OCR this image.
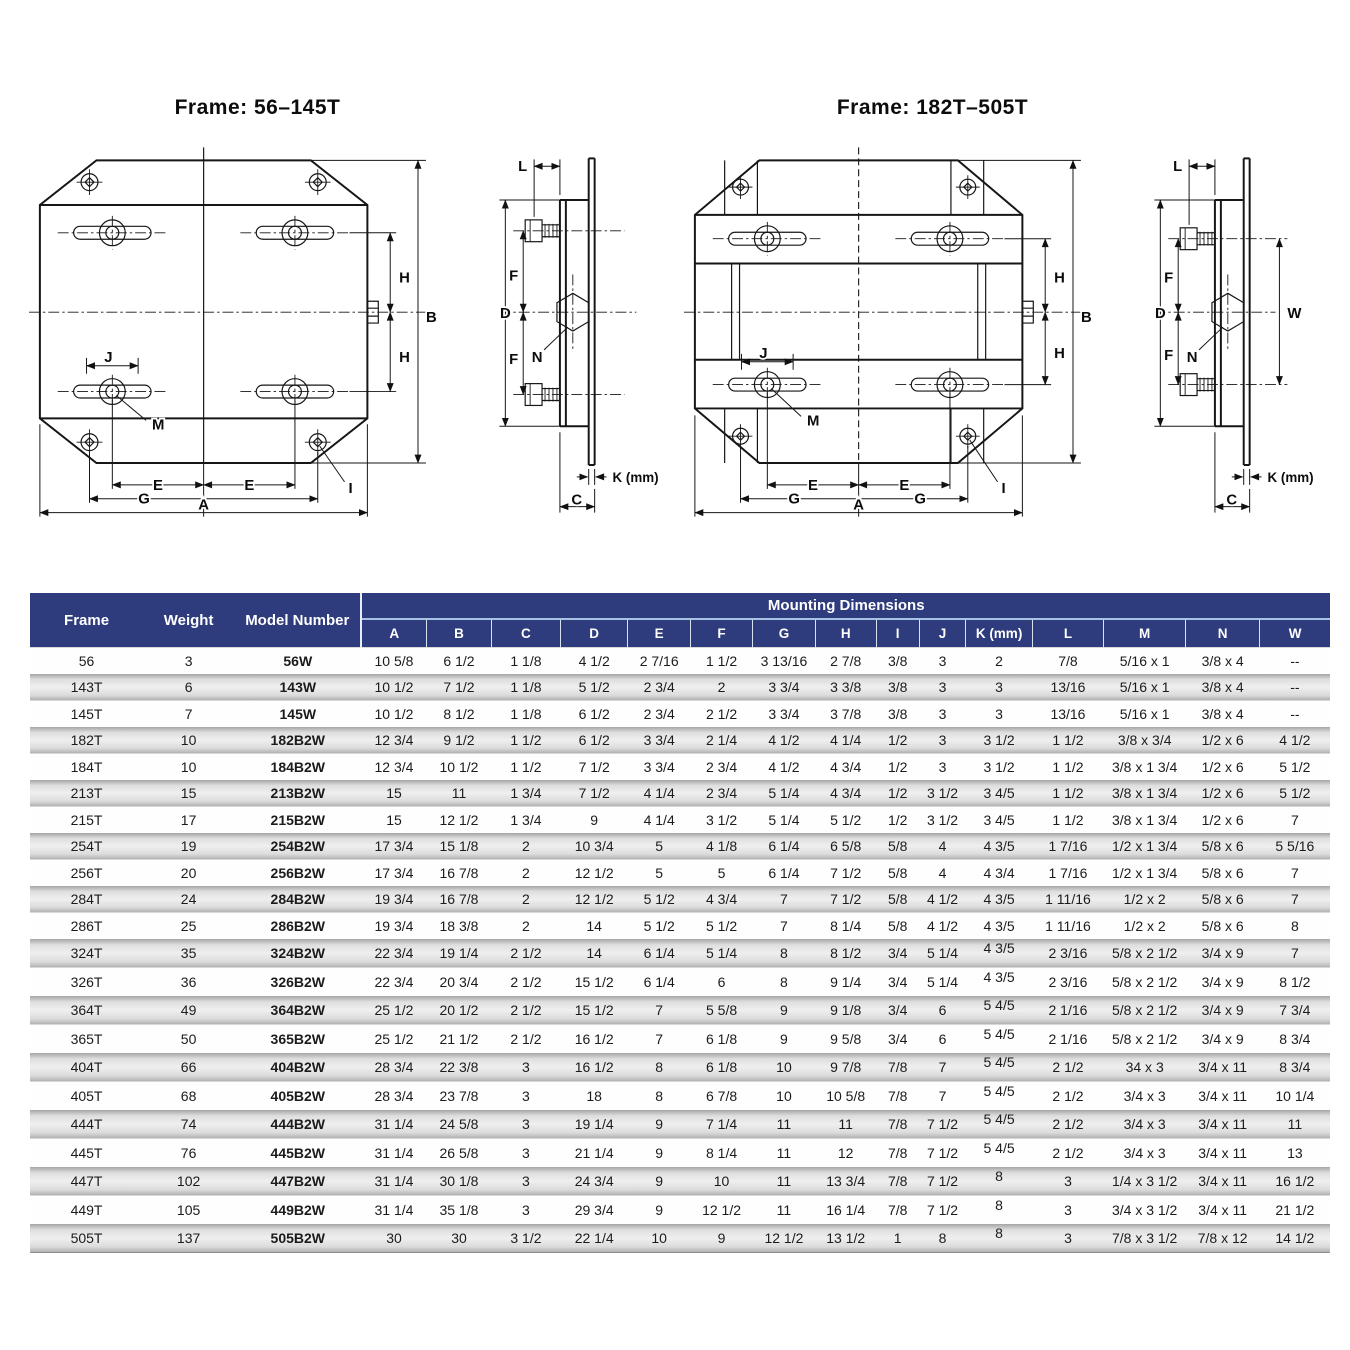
Frame: 56–145T
H
H
B
J
M
E	E
G	A
I
L
D
F
F N
K (mm)
C
Frame: 182T–505T
H
H
B
J
M
E	E
G	G
A
I
L
D
F
F N
W
K (mm)
C
Frame	Weight	Model Number	Mounting Dimensions														
			A	B	C	D	E	F	G	H	I	J	K (mm)	L	M	N	W
56	3	56W	10 5/8	6 1/2	1 1/8	4 1/2	2 7/16	1 1/2	3 13/16	2 7/8	3/8	3	2	7/8	5/16 x 1	3/8 x 4	--
143T	6	143W	10 1/2	7 1/2	1 1/8	5 1/2	2 3/4	2	3 3/4	3 3/8	3/8	3	3	13/16	5/16 x 1	3/8 x 4	--
145T	7	145W	10 1/2	8 1/2	1 1/8	6 1/2	2 3/4	2 1/2	3 3/4	3 7/8	3/8	3	3	13/16	5/16 x 1	3/8 x 4	--
182T	10	182B2W	12 3/4	9 1/2	1 1/2	6 1/2	3 3/4	2 1/4	4 1/2	4 1/4	1/2	3	3 1/2	1 1/2	3/8 x 3/4	1/2 x 6	4 1/2
184T	10	184B2W	12 3/4	10 1/2	1 1/2	7 1/2	3 3/4	2 3/4	4 1/2	4 3/4	1/2	3	3 1/2	1 1/2	3/8 x 1 3/4	1/2 x 6	5 1/2
213T	15	213B2W	15	11	1 3/4	7 1/2	4 1/4	2 3/4	5 1/4	4 3/4	1/2	3 1/2	3 4/5	1 1/2	3/8 x 1 3/4	1/2 x 6	5 1/2
215T	17	215B2W	15	12 1/2	1 3/4	9	4 1/4	3 1/2	5 1/4	5 1/2	1/2	3 1/2	3 4/5	1 1/2	3/8 x 1 3/4	1/2 x 6	7
254T	19	254B2W	17 3/4	15 1/8	2	10 3/4	5	4 1/8	6 1/4	6 5/8	5/8	4	4 3/5	1 7/16	1/2 x 1 3/4	5/8 x 6	5 5/16
256T	20	256B2W	17 3/4	16 7/8	2	12 1/2	5	5	6 1/4	7 1/2	5/8	4	4 3/4	1 7/16	1/2 x 1 3/4	5/8 x 6	7
284T	24	284B2W	19 3/4	16 7/8	2	12 1/2	5 1/2	4 3/4	7	7 1/2	5/8	4 1/2	4 3/5	1 11/16	1/2 x 2	5/8 x 6	7
286T	25	286B2W	19 3/4	18 3/8	2	14	5 1/2	5 1/2	7	8 1/4	5/8	4 1/2	4 3/5	1 11/16	1/2 x 2	5/8 x 6	8
324T	35	324B2W	22 3/4	19 1/4	2 1/2	14	6 1/4	5 1/4	8	8 1/2	3/4	5 1/4	4 3/5	2 3/16	5/8 x 2 1/2	3/4 x 9	7
326T	36	326B2W	22 3/4	20 3/4	2 1/2	15 1/2	6 1/4	6	8	9 1/4	3/4	5 1/4	4 3/5	2 3/16	5/8 x 2 1/2	3/4 x 9	8 1/2
364T	49	364B2W	25 1/2	20 1/2	2 1/2	15 1/2	7	5 5/8	9	9 1/8	3/4	6	5 4/5	2 1/16	5/8 x 2 1/2	3/4 x 9	7 3/4
365T	50	365B2W	25 1/2	21 1/2	2 1/2	16 1/2	7	6 1/8	9	9 5/8	3/4	6	5 4/5	2 1/16	5/8 x 2 1/2	3/4 x 9	8 3/4
404T	66	404B2W	28 3/4	22 3/8	3	16 1/2	8	6 1/8	10	9 7/8	7/8	7	5 4/5	2 1/2	34 x 3	3/4 x 11	8 3/4
405T	68	405B2W	28 3/4	23 7/8	3	18	8	6 7/8	10	10 5/8	7/8	7	5 4/5	2 1/2	3/4 x 3	3/4 x 11	10 1/4
444T	74	444B2W	31 1/4	24 5/8	3	19 1/4	9	7 1/4	11	11	7/8	7 1/2	5 4/5	2 1/2	3/4 x 3	3/4 x 11	11
445T	76	445B2W	31 1/4	26 5/8	3	21 1/4	9	8 1/4	11	12	7/8	7 1/2	5 4/5	2 1/2	3/4 x 3	3/4 x 11	13
447T	102	447B2W	31 1/4	30 1/8	3	24 3/4	9	10	11	13 3/4	7/8	7 1/2	8	3	1/4 x 3 1/2	3/4 x 11	16 1/2
449T	105	449B2W	31 1/4	35 1/8	3	29 3/4	9	12 1/2	11	16 1/4	7/8	7 1/2	8	3	3/4 x 3 1/2	3/4 x 11	21 1/2
505T	137	505B2W	30	30	3 1/2	22 1/4	10	9	12 1/2	13 1/2	1	8	8	3	7/8 x 3 1/2	7/8 x 12	14 1/2
